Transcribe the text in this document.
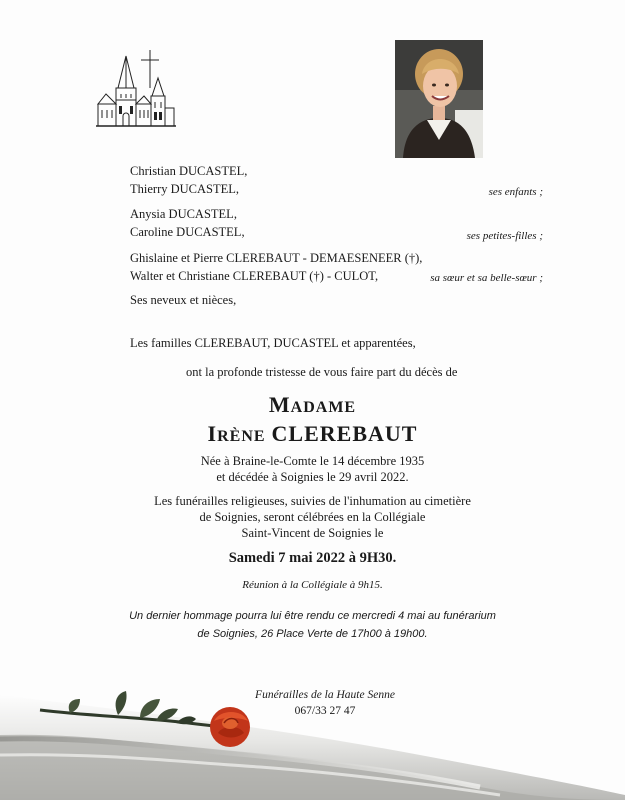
Christian DUCASTEL,
Thierry DUCASTEL,	ses enfants ;
Anysia DUCASTEL,
Caroline DUCASTEL,	ses petites-filles ;
Ghislaine et Pierre CLEREBAUT - DEMAESENEER (†),
Walter et Christiane CLEREBAUT (†) - CULOT,	sa sœur et sa belle-sœur ;
Ses neveux et nièces,
Les familles CLEREBAUT, DUCASTEL et apparentées,
ont la profonde tristesse de vous faire part du décès de
MADAME
IRÈNE CLEREBAUT
Née à Braine-le-Comte le 14 décembre 1935
et décédée à Soignies le 29 avril 2022.
Les funérailles religieuses, suivies de l'inhumation au cimetière
de Soignies, seront célébrées en la Collégiale
Saint-Vincent de Soignies le
Samedi 7 mai 2022 à 9H30.
Réunion à la Collégiale à 9h15.
Un dernier hommage pourra lui être rendu ce mercredi 4 mai au funérarium
de Soignies, 26 Place Verte de 17h00 à 19h00.
Funérailles de la Haute Senne
067/33 27 47
